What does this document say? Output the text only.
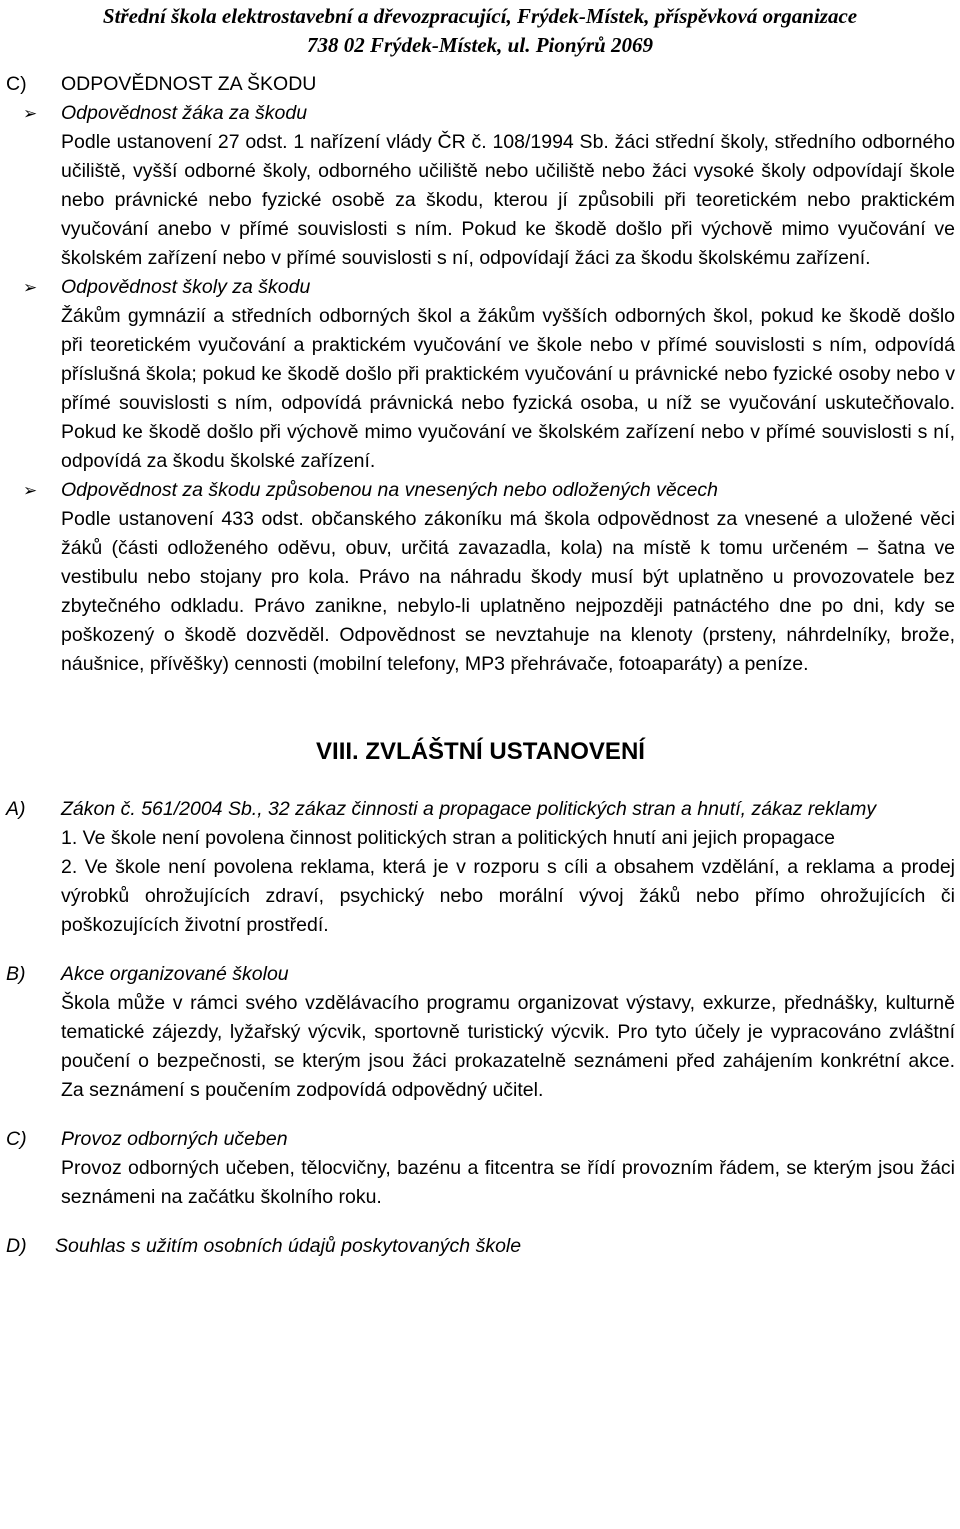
Střední škola elektrostavební a dřevozpracující, Frýdek-Místek, příspěvková organizace
738 02 Frýdek-Místek, ul. Pionýrů 2069

C) ODPOVĚDNOST ZA ŠKODU

➢ Odpovědnost žáka za škodu

Podle ustanovení 27 odst. 1 nařízení vlády ČR č. 108/1994 Sb. žáci střední školy, středního odborného učiliště, vyšší odborné školy, odborného učiliště nebo učiliště nebo žáci vysoké školy odpovídají škole nebo právnické nebo fyzické osobě za škodu, kterou jí způsobili při teoretickém nebo praktickém vyučování anebo v přímé souvislosti s ním. Pokud ke škodě došlo při výchově mimo vyučování ve školském zařízení nebo v přímé souvislosti s ní, odpovídají žáci za škodu školskému zařízení.

➢ Odpovědnost školy za škodu

Žákům gymnázií a středních odborných škol a žákům vyšších odborných škol, pokud ke škodě došlo při teoretickém vyučování a praktickém vyučování ve škole nebo v přímé souvislosti s ním, odpovídá příslušná škola; pokud ke škodě došlo při praktickém vyučování u právnické nebo fyzické osoby nebo v přímé souvislosti s ním, odpovídá právnická nebo fyzická osoba, u níž se vyučování uskutečňovalo. Pokud ke škodě došlo při výchově mimo vyučování ve školském zařízení nebo v přímé souvislosti s ní, odpovídá za škodu školské zařízení.

➢ Odpovědnost za škodu způsobenou na vnesených nebo odložených věcech

Podle ustanovení 433 odst. občanského zákoníku má škola odpovědnost za vnesené a uložené věci žáků (části odloženého oděvu, obuv, určitá zavazadla, kola) na místě k tomu určeném – šatna ve vestibulu nebo stojany pro kola. Právo na náhradu škody musí být uplatněno u provozovatele bez zbytečného odkladu. Právo zanikne, nebylo-li uplatněno nejpozději patnáctého dne po dni, kdy se poškozený o škodě dozvěděl. Odpovědnost se nevztahuje na klenoty (prsteny, náhrdelníky, brože, náušnice, přívěšky) cennosti (mobilní telefony, MP3 přehrávače, fotoaparáty) a peníze.

VIII. ZVLÁŠTNÍ USTANOVENÍ

A) Zákon č. 561/2004 Sb., 32 zákaz činnosti a propagace politických stran a hnutí, zákaz reklamy

1. Ve škole není povolena činnost politických stran a politických hnutí ani jejich propagace

2. Ve škole není povolena reklama, která je v rozporu s cíli a obsahem vzdělání, a reklama a prodej výrobků ohrožujících zdraví, psychický nebo morální vývoj žáků nebo přímo ohrožujících či poškozujících životní prostředí.

B) Akce organizované školou

Škola může v rámci svého vzdělávacího programu organizovat výstavy, exkurze, přednášky, kulturně tematické zájezdy, lyžařský výcvik, sportovně turistický výcvik. Pro tyto účely je vypracováno zvláštní poučení o bezpečnosti, se kterým jsou žáci prokazatelně seznámeni před zahájením konkrétní akce. Za seznámení s poučením zodpovídá odpovědný učitel.

C) Provoz odborných učeben

Provoz odborných učeben, tělocvičny, bazénu a fitcentra se řídí provozním řádem, se kterým jsou žáci seznámeni na začátku školního roku.

D) Souhlas s užitím osobních údajů poskytovaných škole
